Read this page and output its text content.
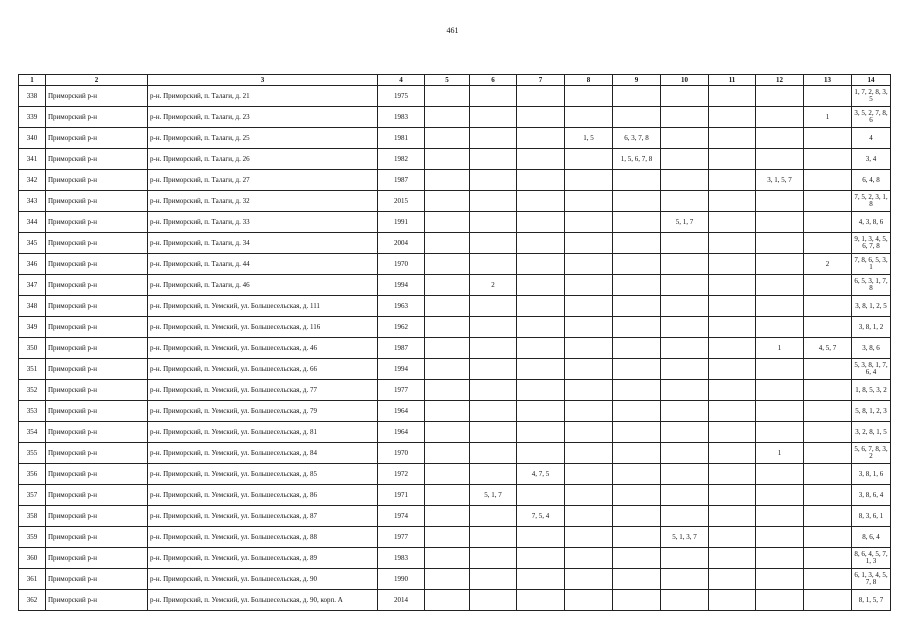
461
1	2	3	4	5	6	7	8	9	10	11	12	13	14
338	Приморский р-н	р-н. Приморский, п. Талаги, д. 21	1975										1, 7, 2, 8, 3, 5
339	Приморский р-н	р-н. Приморский, п. Талаги, д. 23	1983									1	3, 5, 2, 7, 8, 6
340	Приморский р-н	р-н. Приморский, п. Талаги, д. 25	1981				1, 5	6, 3, 7, 8					4
341	Приморский р-н	р-н. Приморский, п. Талаги, д. 26	1982					1, 5, 6, 7, 8					3, 4
342	Приморский р-н	р-н. Приморский, п. Талаги, д. 27	1987								3, 1, 5, 7		6, 4, 8
343	Приморский р-н	р-н. Приморский, п. Талаги, д. 32	2015										7, 5, 2, 3, 1, 8
344	Приморский р-н	р-н. Приморский, п. Талаги, д. 33	1991						5, 1, 7				4, 3, 8, 6
345	Приморский р-н	р-н. Приморский, п. Талаги, д. 34	2004										9, 1, 3, 4, 5, 6, 7, 8
346	Приморский р-н	р-н. Приморский, п. Талаги, д. 44	1970									2	7, 8, 6, 5, 3, 1
347	Приморский р-н	р-н. Приморский, п. Талаги, д. 46	1994		2								6, 5, 3, 1, 7, 8
348	Приморский р-н	р-н. Приморский, п. Уемский, ул. Большесельская, д. 111	1963										3, 8, 1, 2, 5
349	Приморский р-н	р-н. Приморский, п. Уемский, ул. Большесельская, д. 116	1962										3, 8, 1, 2
350	Приморский р-н	р-н. Приморский, п. Уемский, ул. Большесельская, д. 46	1987								1	4, 5, 7	3, 8, 6
351	Приморский р-н	р-н. Приморский, п. Уемский, ул. Большесельская, д. 66	1994										5, 3, 8, 1, 7, 6, 4
352	Приморский р-н	р-н. Приморский, п. Уемский, ул. Большесельская, д. 77	1977										1, 8, 5, 3, 2
353	Приморский р-н	р-н. Приморский, п. Уемский, ул. Большесельская, д. 79	1964										5, 8, 1, 2, 3
354	Приморский р-н	р-н. Приморский, п. Уемский, ул. Большесельская, д. 81	1964										3, 2, 8, 1, 5
355	Приморский р-н	р-н. Приморский, п. Уемский, ул. Большесельская, д. 84	1970								1		5, 6, 7, 8, 3, 2
356	Приморский р-н	р-н. Приморский, п. Уемский, ул. Большесельская, д. 85	1972			4, 7, 5							3, 8, 1, 6
357	Приморский р-н	р-н. Приморский, п. Уемский, ул. Большесельская, д. 86	1971		5, 1, 7								3, 8, 6, 4
358	Приморский р-н	р-н. Приморский, п. Уемский, ул. Большесельская, д. 87	1974			7, 5, 4							8, 3, 6, 1
359	Приморский р-н	р-н. Приморский, п. Уемский, ул. Большесельская, д. 88	1977						5, 1, 3, 7				8, 6, 4
360	Приморский р-н	р-н. Приморский, п. Уемский, ул. Большесельская, д. 89	1983										8, 6, 4, 5, 7, 1, 3
361	Приморский р-н	р-н. Приморский, п. Уемский, ул. Большесельская, д. 90	1990										6, 1, 3, 4, 5, 7, 8
362	Приморский р-н	р-н. Приморский, п. Уемский, ул. Большесельская, д. 90, корп. А	2014										8, 1, 5, 7
